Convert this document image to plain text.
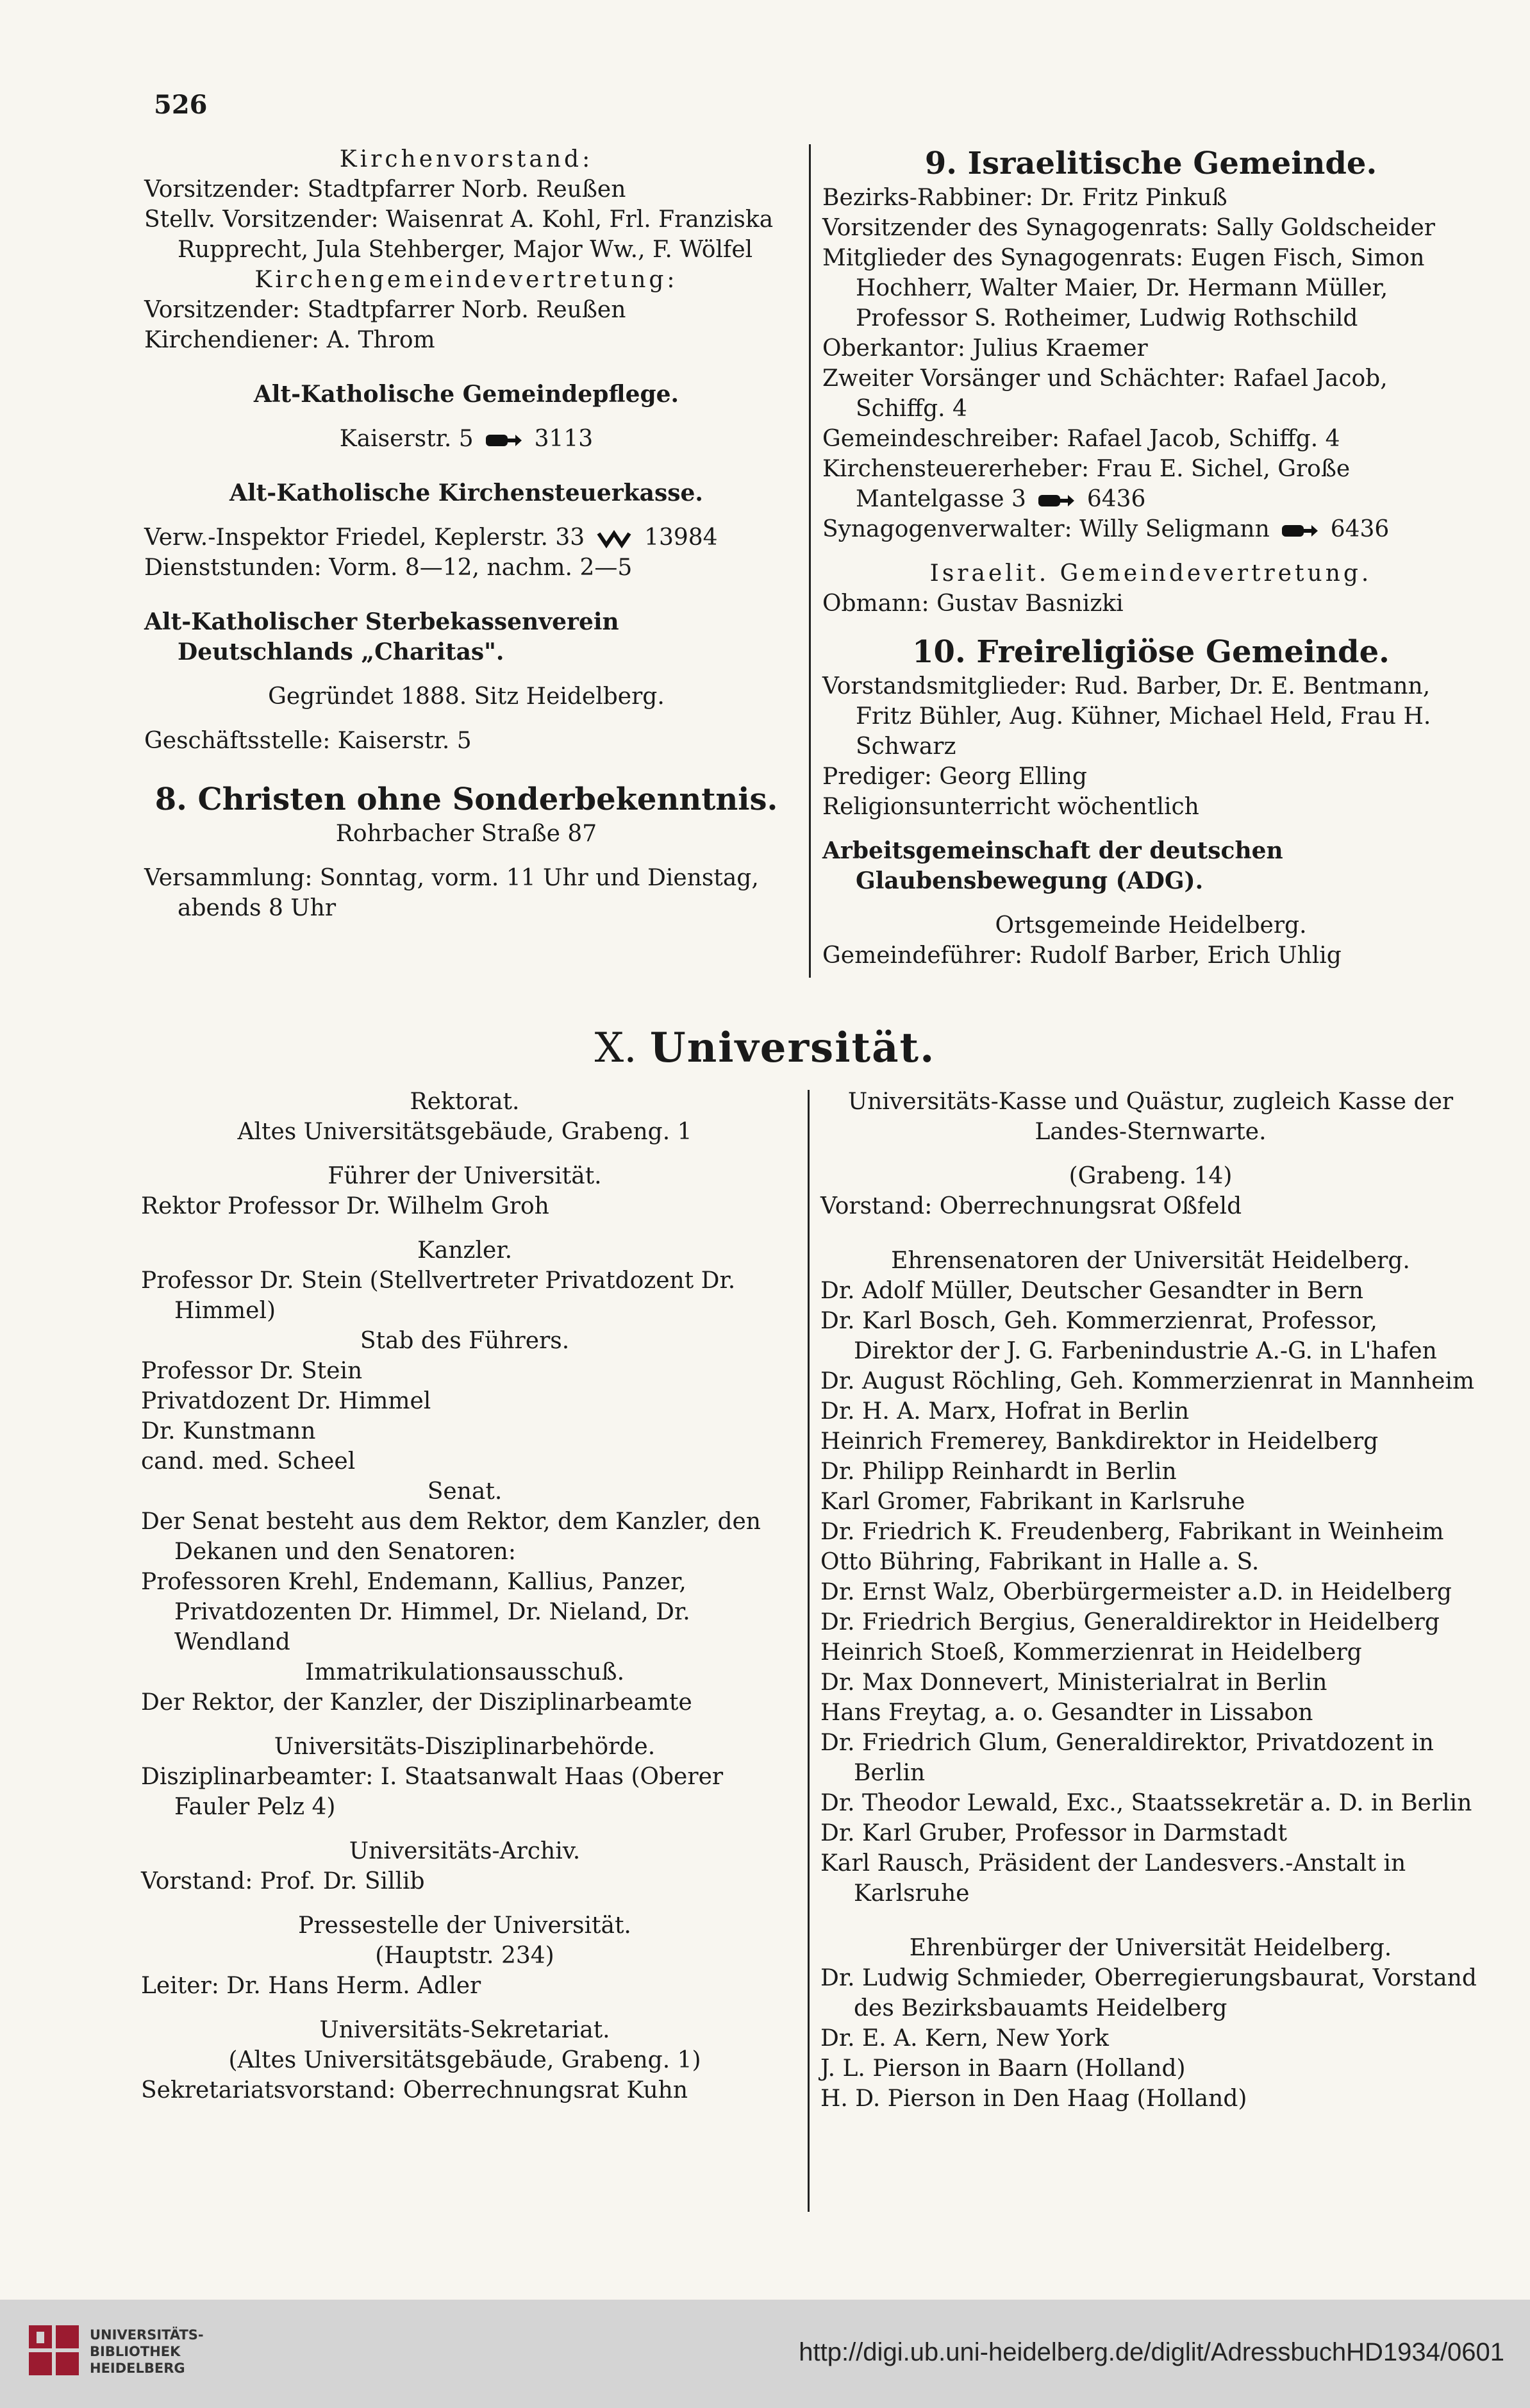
526
Kirchenvorstand:
Vorsitzender: Stadtpfarrer Norb. Reußen
Stellv. Vorsitzender: Waisenrat A. Kohl, Frl. Franziska Rupprecht, Jula Stehberger, Major Ww., F. Wölfel
Kirchengemeindevertretung:
Vorsitzender: Stadtpfarrer Norb. Reußen
Kirchendiener: A. Throm
Alt-Katholische Gemeindepflege.
Kaiserstr. 5	3113
Alt-Katholische Kirchensteuerkasse.
Verw.-Inspektor Friedel, Keplerstr. 33	13984
Dienststunden: Vorm. 8—12, nachm. 2—5
Alt-Katholischer Sterbekassenverein Deutschlands „Charitas".
Gegründet 1888. Sitz Heidelberg.
Geschäftsstelle: Kaiserstr. 5
8. Christen ohne Sonderbekenntnis.
Rohrbacher Straße 87
Versammlung: Sonntag, vorm. 11 Uhr und Dienstag, abends 8 Uhr
9. Israelitische Gemeinde.
Bezirks-Rabbiner: Dr. Fritz Pinkuß
Vorsitzender des Synagogenrats: Sally Goldscheider
Mitglieder des Synagogenrats: Eugen Fisch, Simon Hochherr, Walter Maier, Dr. Hermann Müller, Professor S. Rotheimer, Ludwig Rothschild
Oberkantor: Julius Kraemer
Zweiter Vorsänger und Schächter: Rafael Jacob, Schiffg. 4
Gemeindeschreiber: Rafael Jacob, Schiffg. 4
Kirchensteuererheber: Frau E. Sichel, Große Mantelgasse 3	6436
Synagogenverwalter: Willy Seligmann	6436
Israelit. Gemeindevertretung.
Obmann: Gustav Basnizki
10. Freireligiöse Gemeinde.
Vorstandsmitglieder: Rud. Barber, Dr. E. Bentmann, Fritz Bühler, Aug. Kühner, Michael Held, Frau H. Schwarz
Prediger: Georg Elling
Religionsunterricht wöchentlich
Arbeitsgemeinschaft der deutschen Glaubensbewegung (ADG).
Ortsgemeinde Heidelberg.
Gemeindeführer: Rudolf Barber, Erich Uhlig
X. Universität.
Rektorat.
Altes Universitätsgebäude, Grabeng. 1
Führer der Universität.
Rektor Professor Dr. Wilhelm Groh
Kanzler.
Professor Dr. Stein (Stellvertreter Privatdozent Dr. Himmel)
Stab des Führers.
Professor Dr. Stein
Privatdozent Dr. Himmel
Dr. Kunstmann
cand. med. Scheel
Senat.
Der Senat besteht aus dem Rektor, dem Kanzler, den Dekanen und den Senatoren:
Professoren Krehl, Endemann, Kallius, Panzer, Privatdozenten Dr. Himmel, Dr. Nieland, Dr. Wendland
Immatrikulationsausschuß.
Der Rektor, der Kanzler, der Disziplinarbeamte
Universitäts-Disziplinarbehörde.
Disziplinarbeamter: I. Staatsanwalt Haas (Oberer Fauler Pelz 4)
Universitäts-Archiv.
Vorstand: Prof. Dr. Sillib
Pressestelle der Universität.
(Hauptstr. 234)
Leiter: Dr. Hans Herm. Adler
Universitäts-Sekretariat.
(Altes Universitätsgebäude, Grabeng. 1)
Sekretariatsvorstand: Oberrechnungsrat Kuhn
Universitäts-Kasse und Quästur, zugleich Kasse der Landes-Sternwarte.
(Grabeng. 14)
Vorstand: Oberrechnungsrat Oßfeld
Ehrensenatoren der Universität Heidelberg.
Dr. Adolf Müller, Deutscher Gesandter in Bern
Dr. Karl Bosch, Geh. Kommerzienrat, Professor, Direktor der J. G. Farbenindustrie A.-G. in L'hafen
Dr. August Röchling, Geh. Kommerzienrat in Mannheim
Dr. H. A. Marx, Hofrat in Berlin
Heinrich Fremerey, Bankdirektor in Heidelberg
Dr. Philipp Reinhardt in Berlin
Karl Gromer, Fabrikant in Karlsruhe
Dr. Friedrich K. Freudenberg, Fabrikant in Weinheim
Otto Bühring, Fabrikant in Halle a. S.
Dr. Ernst Walz, Oberbürgermeister a.D. in Heidelberg
Dr. Friedrich Bergius, Generaldirektor in Heidelberg
Heinrich Stoeß, Kommerzienrat in Heidelberg
Dr. Max Donnevert, Ministerialrat in Berlin
Hans Freytag, a. o. Gesandter in Lissabon
Dr. Friedrich Glum, Generaldirektor, Privatdozent in Berlin
Dr. Theodor Lewald, Exc., Staatssekretär a. D. in Berlin
Dr. Karl Gruber, Professor in Darmstadt
Karl Rausch, Präsident der Landesvers.-Anstalt in Karlsruhe
Ehrenbürger der Universität Heidelberg.
Dr. Ludwig Schmieder, Oberregierungsbaurat, Vorstand des Bezirksbauamts Heidelberg
Dr. E. A. Kern, New York
J. L. Pierson in Baarn (Holland)
H. D. Pierson in Den Haag (Holland)
UNIVERSITÄTS-
BIBLIOTHEK
HEIDELBERG
http://digi.ub.uni-heidelberg.de/diglit/AdressbuchHD1934/0601
